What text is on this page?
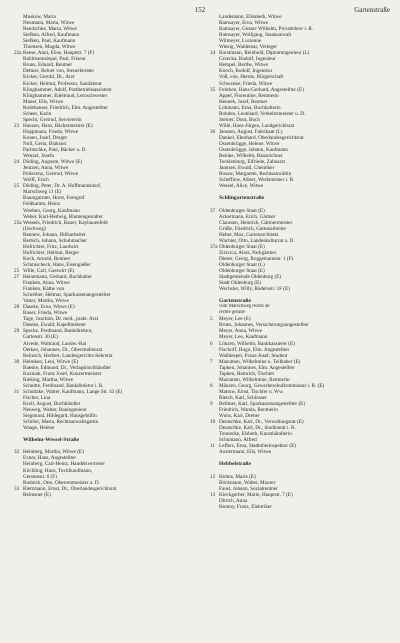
152	Gartenstraße
Muskow, Maria
Neumann, Marta, Witwe
Rendschke, Marta, Witwe
Siefken, Alfred, Kaufmann
Siefken, Paul, Kaufmann
Thomsen, Magda, Witwe
22a Reese, Anni, Elise, Hauptstr. 7 (F)
Buhlmannsiepal, Paul, Friseur
Bruns, Eduard, Rentner
Dettner, Reiner von, Steuerberater
Kicker, Gerold, Dr., Arzt
Kicker, Helmut, Professor, Sanitätsrat
Klinghammer, Adolf, Postbetriebsassistent
Klinghammer, Edeltraud, Lernschwester
Mauer, Elis, Witwe
Rodehauser, Friedrich, Elm. Angestellter
Scheer, Karin
Specht, Gertrud, Serviererin
23 Hauzen, Hans, Bäckermeister (E)
Hoppmann, Frieda, Witwe
Konen, Josef, Dreger
Noll, Gerta, Blaksori
Parlitschke, Paul, Bäcker u. D.
Wenzel, Josefa
24 Döding, Auguste, Witwe (E)
Jentzen, Anna, Witwe
Poliecenz, Gertrud, Witwe
Wolff, Erich
25 Döding, Peter, Dr. A. Hoffmannsdorf,
Marschweg 11 (E)
Baumgartner, Horst, Fotograf
Feldkamm, Heinz
Woeben, Georg, Kaufmann
Weber, Karl-Hedwig, Blumengestalter
25a Wessels, Friedrich, Bauer, Kaybauenfeld
(Oschweg)
Bennew, Johann, Hilfsarbeiter
Bertsch, Johann, Schuhmacher
Hofrichter, Fritz, Landwirt
Hofrichter, Helmut, Berger
Koch, Arnold, Rentner
Schmischeck, Hans, Eisengießer
25 Wille, Carl, Gastwirt (E)
27 Heinemann, Gerhard, Buchhalter
Franken, Anna, Witwe
Franken, Käthe von
Schreiber, Helmut, Sparkassenangestellter
Vatter, Martha, Witwe
28 Daseke, Erna, Witwe (E)
Bauer, Frieda, Witwe
Tage, Joachim, Dr. med., prakt. Arzt
Daseke, Ewald, Kapellmeister
29 Specke, Ferdinand, Bankdirektor,
Gartenstr. 30 (E)
Alvede, Waltraud, Landw.-Rat
Oetken, Johannes, Dr., Oberstudienrat
Reinisch, Herbert, Landesgerichts-Sekretär
30 Heimken, Leni, Witwe (E)
Baeske, Edmund, Dr., Verlagsbuchhändler
Kuzniak, Franz Josef, Konzertmeister
Rieking, Martha, Witwe
Schnitte, Ferdinand, Bankdirektor i. R.
31 Schultzke, Walter, Kaufmann, Lange Str. 43 (E)
Fischer, Lina
Kroll, August, Buchhändler
Neuweg, Walter, Bauingenieur
Siegmund, Hildegard, Hausgehilfin
Schröer, Marta, Rechtsanwaltsgattin
Waage, Helene
Wilhelm-Wessel-Straße
32 Heinberg, Martha, Witwe (E)
Exner, Hans, Angestellter
Heinberg, Carl-Heinz, Handelsvertreter
Köchling, Hans, Textilkaufmann,
Gerstenstr. 6 (F)
Rudnick, Otto, Oberrentmeister a. D.
33 Rietzmann, Ernst, Dr., Oberlandesgerichtsrat
Reimsner (E)
Landemann, Elisabeth, Witwe
Ramsayer, Erna, Witwe
Ramsayer, Gustav Wilhelm, Privatlehrer i. R.
Ramsayer, Wolfgang, Staatsanwalt
Wilmeyer, Lucienne
Wiesig, Waldemar, Verleger
34 Borstmann, Reinhold, Diplomingenieur (L)
Grzecka, Rudolf, Ingenieur
Hempel, Berthe, Witwe
Knoch, Rudolf, Ingenieur
Voß, von, Herms, Bürgerschaft
Schwenke, Frieda, Witwe
35 Fuhrken, Hans-Gerhard, Angestellter (E)
Appel, Florentine, Rentnerin
Hennek, Josef, Rentner
Lohmann, Erna, Buchhalterin
Rohden, Leonhard, Verkehrsmeister u. D.
Steiner, Dora, Buch
Wille, Hans-Jürgen, Landgerichtsrat
36 Janssen, August, Fabrikant (L)
Dankel, Eberhard, Oberlandesgerichtsrat
Ossenbrügge, Helene, Witwe
Ossenbrügge, Johann, Kaufmann
Reinke, Wilhelm, Bauzeichner
Tecklenburg, Elfriede, Zahnarzt
Jannsen, Ewald, Chemiker
Rosaw, Margarete, Rechtsanwältin
Scheffiow, Albert, Werkmeister i. R.
Wessel, Alice, Witwe
Schlingartenstraße
37 Oldenburger Staat (E)
Ackermann, Erich, Gärtner
Claussen, Heinrich, Gärtnermeister
Grüße, Friedrich, Gartenarbeiter
Heber, Max, Gartenarchitekt
Wachter, Otto, Landeskulturrat a. D.
37a Oldenburger Staat (E)
Zirzcica, Alois, Parkgärtner
Dieser, Georg, Roggemannstr. 1 (F)
Oldenburger Staat (L)
Oldenburger Staat (E)
Stadtgemeinde Oldenburg (E)
Stadt Oldenburg (E)
Wechsler, Willy, Rödersstr. 1F (E)
Gartenstraße
vom Marschweg rechts ab
rechte gerade
5	Meyer, Lee (E)
Bruns, Johannes, Versicherungsangestellter
Meyer, Anna, Witwe
Meyer, Leo, Kaufmann
6	Lükzen, Wilhelm, Bankkassierer (E)
Fischoff, Hugo, Elm. Angestellter
Walldesper, Franz-Josef, Student
7	Mazumen, Wilhelmine u. Teilhaber (E)
Tapken, Johannes, Elm. Angestellter
Tapken, Heinrich, Tischler
Mazumen, Wilhelmine, Rentnerin
8	Mänzen, Georg, Gewerbeschulkommissar i. R. (E)
Mattow, Ernst, Tischler u. Ww.
Rietch, Karl, Schlosser
9	Bellmer, Karl, Sparkassenangestellter (E)
Friedrich, Wanda, Rentnerin
Wuhs, Karl, Dreher
10 Deutschke, Karl, Dr., Verwaltungsrat (E)
Deutschke, Karl, Dr., Studienrat i. R.
Tonnecke, Elsbeth, Kunsthändlerin
Schumann, Alfred
11 Leffers, Erna, Stadtoberinspektor (E)
Austermann, Elis, Witwe
Hebbelstraße
12 Holms, Marie (E)
Böckmann, Walter, Maurer
Faust, Johann, Sozialrentner
13 Kleckgerber, Marie, Hauptstr. 7 (E)
Ditrich, Anna
Homuy, Franz, Elektriker
